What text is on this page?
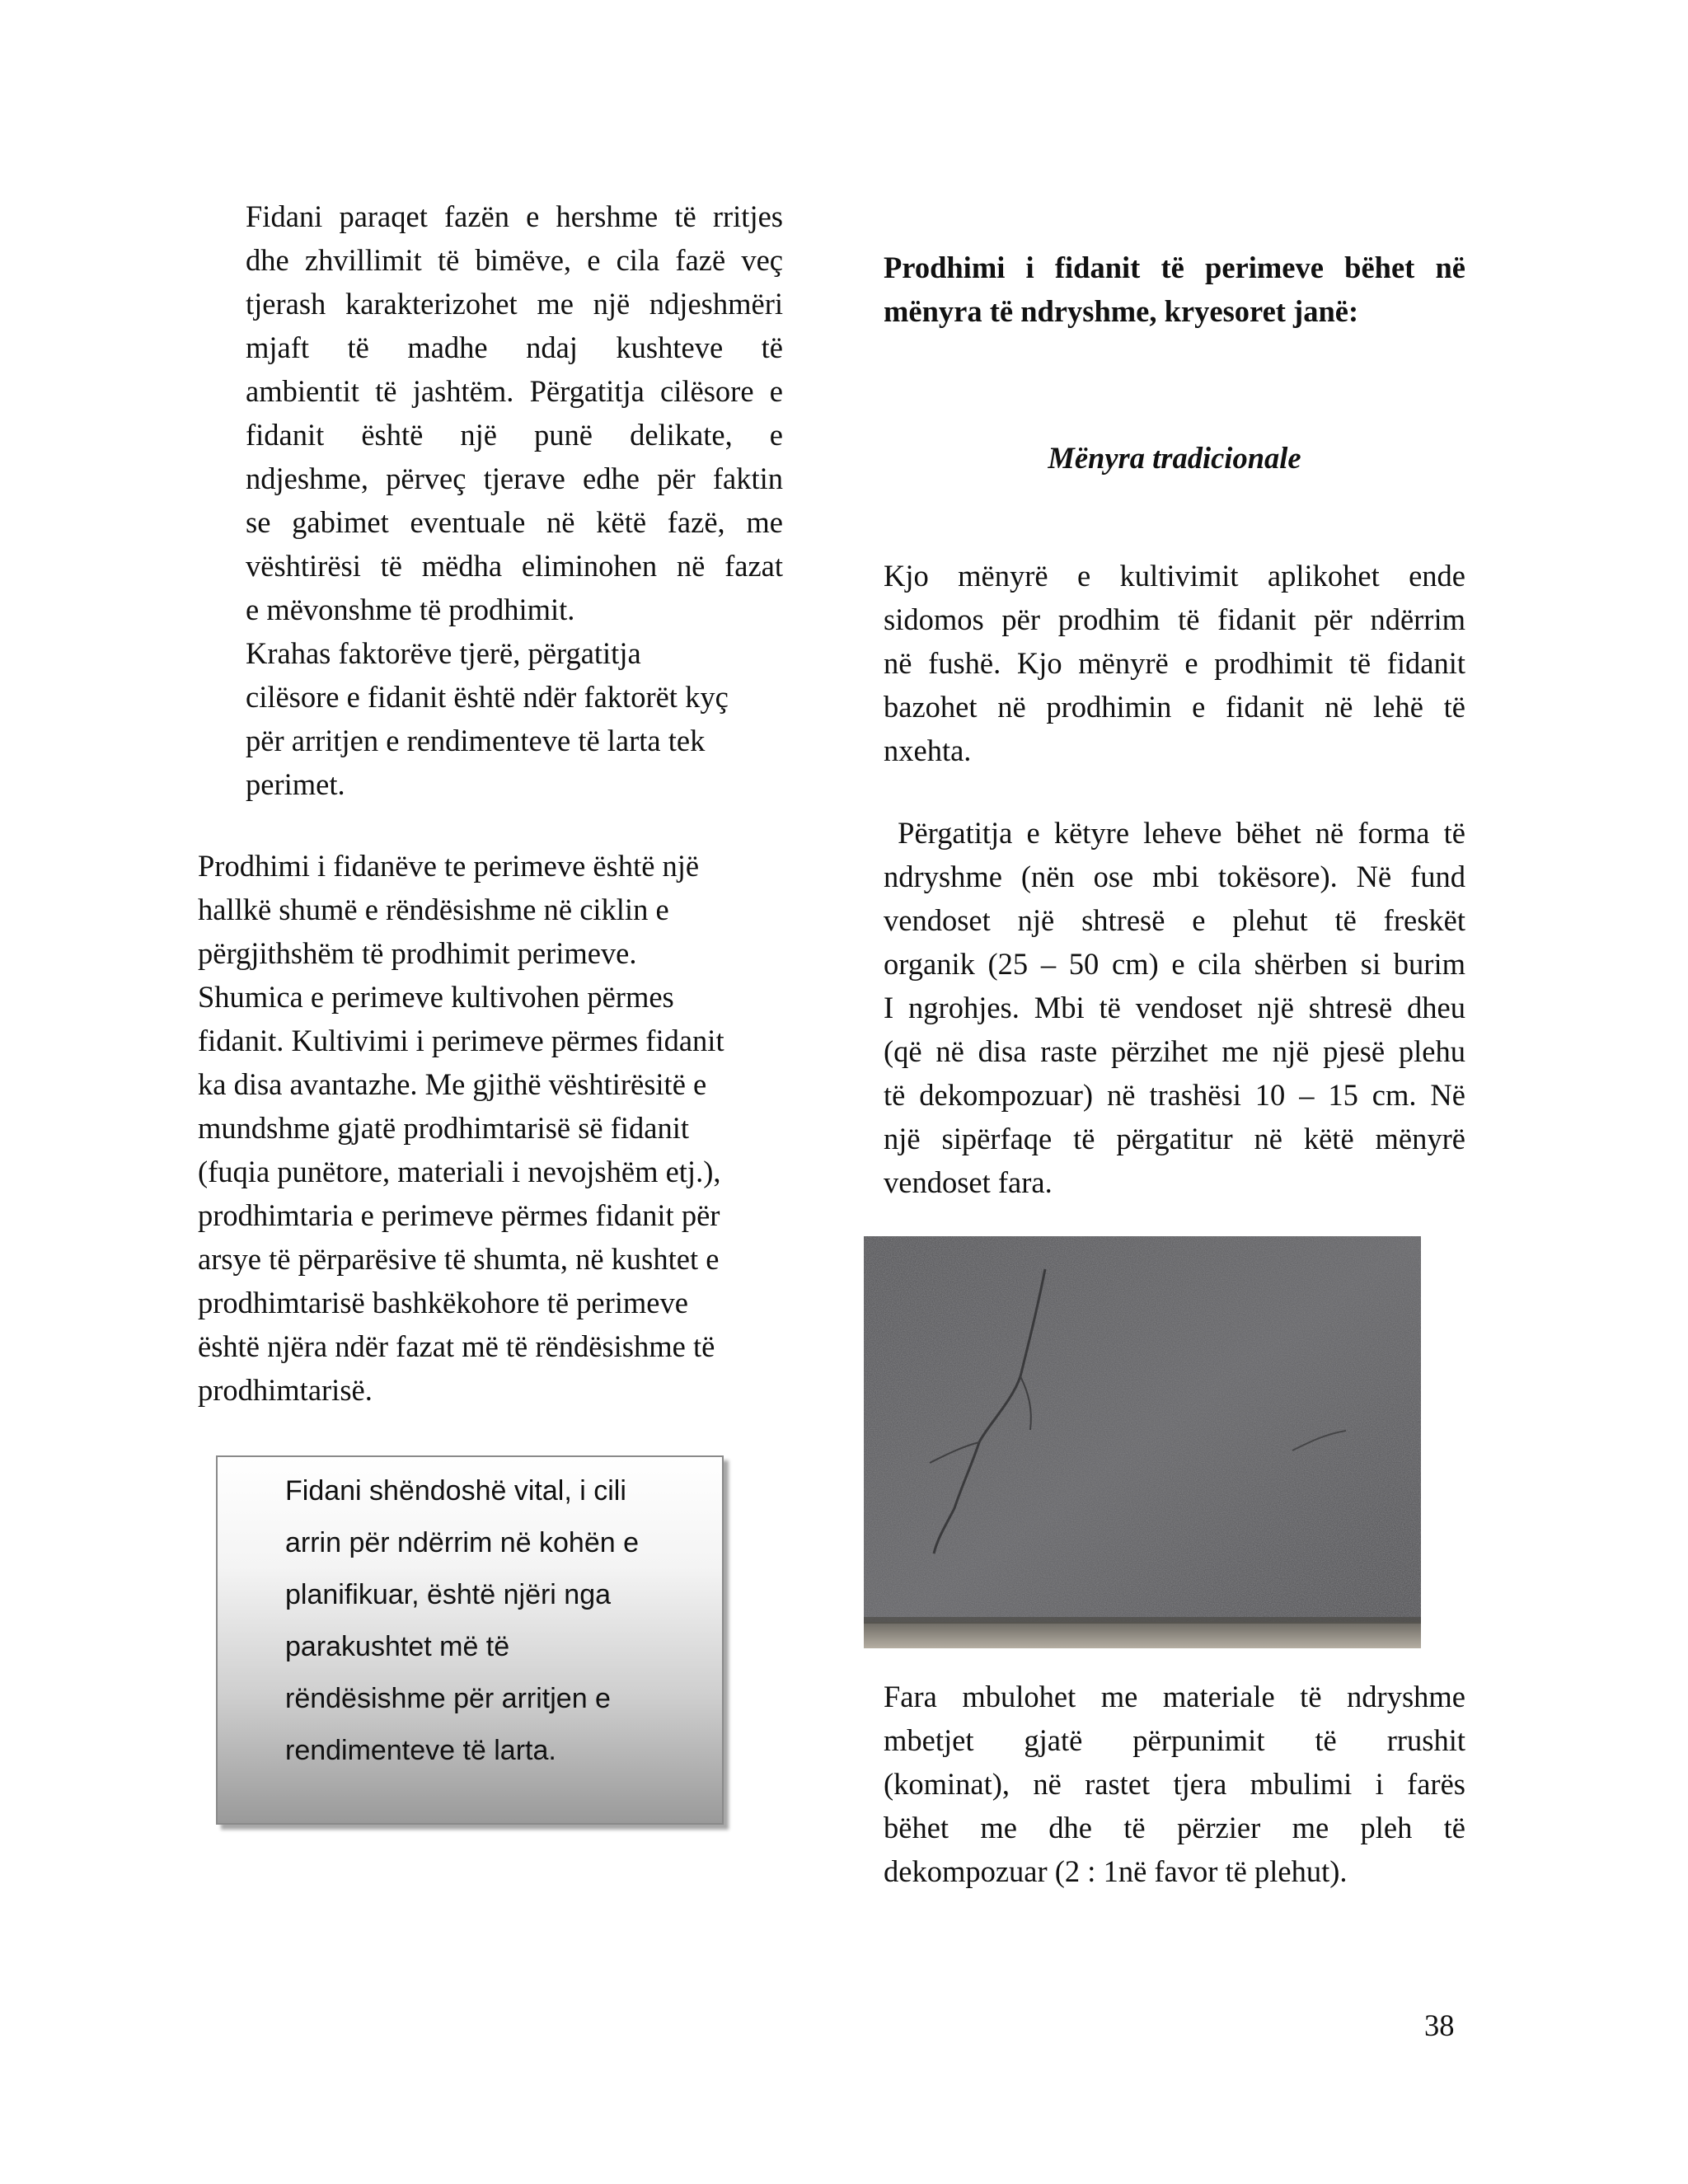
Fidani paraqet fazën e hershme të rritjes
dhe zhvillimit të bimëve, e cila fazë veç
tjerash karakterizohet me një ndjeshmëri
mjaft të madhe ndaj kushteve të
ambientit të jashtëm. Përgatitja cilësore e
fidanit është një punë delikate, e
ndjeshme, përveç tjerave edhe për faktin
se gabimet eventuale në këtë fazë, me
vështirësi të mëdha eliminohen në fazat
e mëvonshme të prodhimit.
Krahas faktorëve tjerë, përgatitja
cilësore e fidanit është ndër faktorët kyç
për arritjen e rendimenteve të larta tek
perimet.
Prodhimi i fidanëve te perimeve është një
hallkë shumë e rëndësishme në ciklin e
përgjithshëm të prodhimit perimeve.
Shumica e perimeve kultivohen përmes
fidanit. Kultivimi i perimeve përmes fidanit
ka disa avantazhe. Me gjithë vështirësitë e
mundshme gjatë prodhimtarisë së fidanit
(fuqia punëtore, materiali i nevojshëm etj.),
prodhimtaria e perimeve përmes fidanit për
arsye të përparësive të shumta, në kushtet e
prodhimtarisë bashkëkohore të perimeve
është njëra ndër fazat më të rëndësishme të
prodhimtarisë.
Fidani shëndoshë vital, i cili
arrin për ndërrim në kohën e
planifikuar, është njëri nga
parakushtet më të
rëndësishme për arritjen e
rendimenteve të larta.
Prodhimi i fidanit të perimeve bëhet në
mënyra të ndryshme, kryesoret janë:
Mënyra tradicionale
Kjo mënyrë e kultivimit aplikohet ende
sidomos për prodhim të fidanit për ndërrim
në fushë. Kjo mënyrë e prodhimit të fidanit
bazohet në prodhimin e fidanit në lehë të
nxehta.
Përgatitja e këtyre leheve bëhet në forma të
ndryshme (nën ose mbi tokësore). Në fund
vendoset një shtresë e plehut të freskët
organik (25 – 50 cm) e cila shërben si burim
I ngrohjes. Mbi të vendoset një shtresë dheu
(që në disa raste përzihet me një pjesë plehu
të dekompozuar) në trashësi 10 – 15 cm. Në
një sipërfaqe të përgatitur në këtë mënyrë
vendoset fara.
Fara mbulohet me materiale të ndryshme
mbetjet gjatë përpunimit të rrushit
(kominat), në rastet tjera mbulimi i farës
bëhet me dhe të përzier me pleh të
dekompozuar (2 : 1në favor të plehut).
38
